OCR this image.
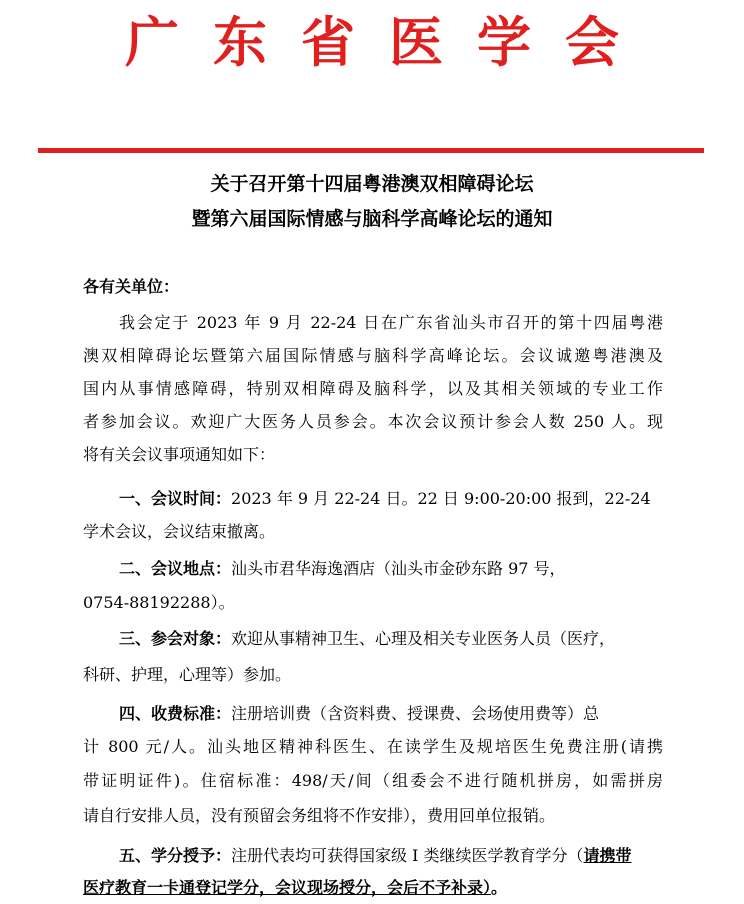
广东省医学会
关于召开第十四届粤港澳双相障碍论坛
暨第六届国际情感与脑科学高峰论坛的通知
各有关单位：
我会定于 2023 年 9 月 22-24 日在广东省汕头市召开的第十四届粤港
澳双相障碍论坛暨第六届国际情感与脑科学高峰论坛。会议诚邀粤港澳及
国内从事情感障碍，特别双相障碍及脑科学，以及其相关领域的专业工作
者参加会议。欢迎广大医务人员参会。本次会议预计参会人数 250 人。现
将有关会议事项通知如下：
一、会议时间：2023 年 9 月 22-24 日。22 日 9:00-20:00 报到，22-24
学术会议，会议结束撤离。
二、会议地点：汕头市君华海逸酒店（汕头市金砂东路 97 号，
0754-88192288）。
三、参会对象：欢迎从事精神卫生、心理及相关专业医务人员（医疗，
科研、护理，心理等）参加。
四、收费标准：注册培训费（含资料费、授课费、会场使用费等）总
计 800 元/人。汕头地区精神科医生、在读学生及规培医生免费注册(请携
带证明证件)。住宿标准：498/天/间（组委会不进行随机拼房，如需拼房
请自行安排人员，没有预留会务组将不作安排），费用回单位报销。
五、学分授予：注册代表均可获得国家级 I 类继续医学教育学分（请携带
医疗教育一卡通登记学分，会议现场授分，会后不予补录）。
